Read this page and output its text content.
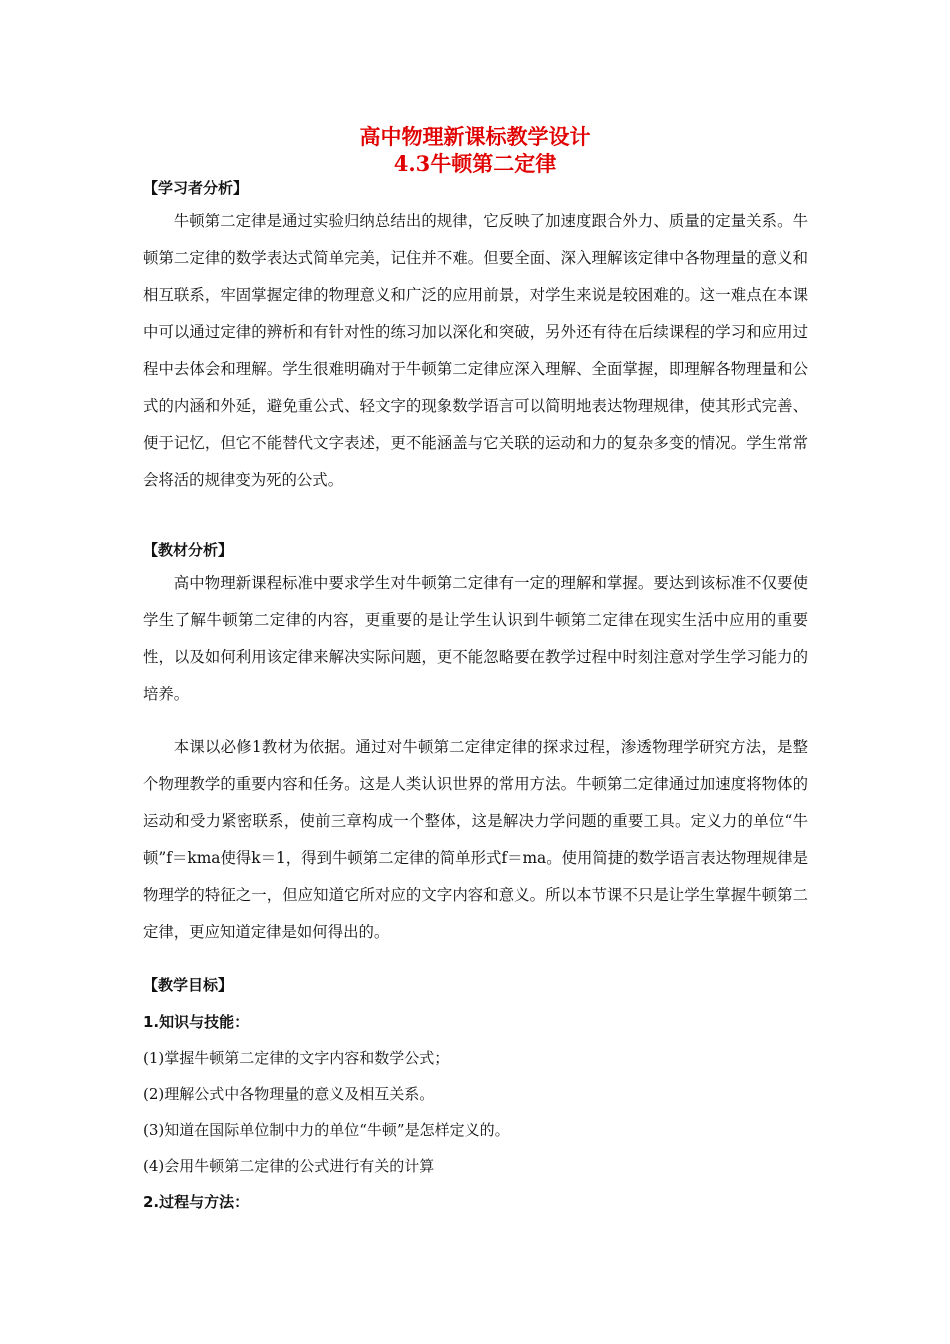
高中物理新课标教学设计
4.3牛顿第二定律
【学习者分析】

牛顿第二定律是通过实验归纳总结出的规律，它反映了加速度跟合外力、质量的定量关系。牛顿第二定律的数学表达式简单完美，记住并不难。但要全面、深入理解该定律中各物理量的意义和相互联系，牢固掌握定律的物理意义和广泛的应用前景，对学生来说是较困难的。这一难点在本课中可以通过定律的辨析和有针对性的练习加以深化和突破，另外还有待在后续课程的学习和应用过程中去体会和理解。学生很难明确对于牛顿第二定律应深入理解、全面掌握，即理解各物理量和公式的内涵和外延，避免重公式、轻文字的现象数学语言可以简明地表达物理规律，使其形式完善、便于记忆，但它不能替代文字表述，更不能涵盖与它关联的运动和力的复杂多变的情况。学生常常会将活的规律变为死的公式。

【教材分析】

高中物理新课程标准中要求学生对牛顿第二定律有一定的理解和掌握。要达到该标准不仅要使学生了解牛顿第二定律的内容，更重要的是让学生认识到牛顿第二定律在现实生活中应用的重要性，以及如何利用该定律来解决实际问题，更不能忽略要在教学过程中时刻注意对学生学习能力的培养。

本课以必修1教材为依据。通过对牛顿第二定律定律的探求过程，渗透物理学研究方法，是整个物理教学的重要内容和任务。这是人类认识世界的常用方法。牛顿第二定律通过加速度将物体的运动和受力紧密联系，使前三章构成一个整体，这是解决力学问题的重要工具。定义力的单位“牛顿”f＝kma使得k＝1，得到牛顿第二定律的简单形式f＝ma。使用简捷的数学语言表达物理规律是物理学的特征之一，但应知道它所对应的文字内容和意义。所以本节课不只是让学生掌握牛顿第二定律，更应知道定律是如何得出的。

【教学目标】
1.知识与技能：
(1)掌握牛顿第二定律的文字内容和数学公式；
(2)理解公式中各物理量的意义及相互关系。
(3)知道在国际单位制中力的单位“牛顿”是怎样定义的。
(4)会用牛顿第二定律的公式进行有关的计算
2.过程与方法：
